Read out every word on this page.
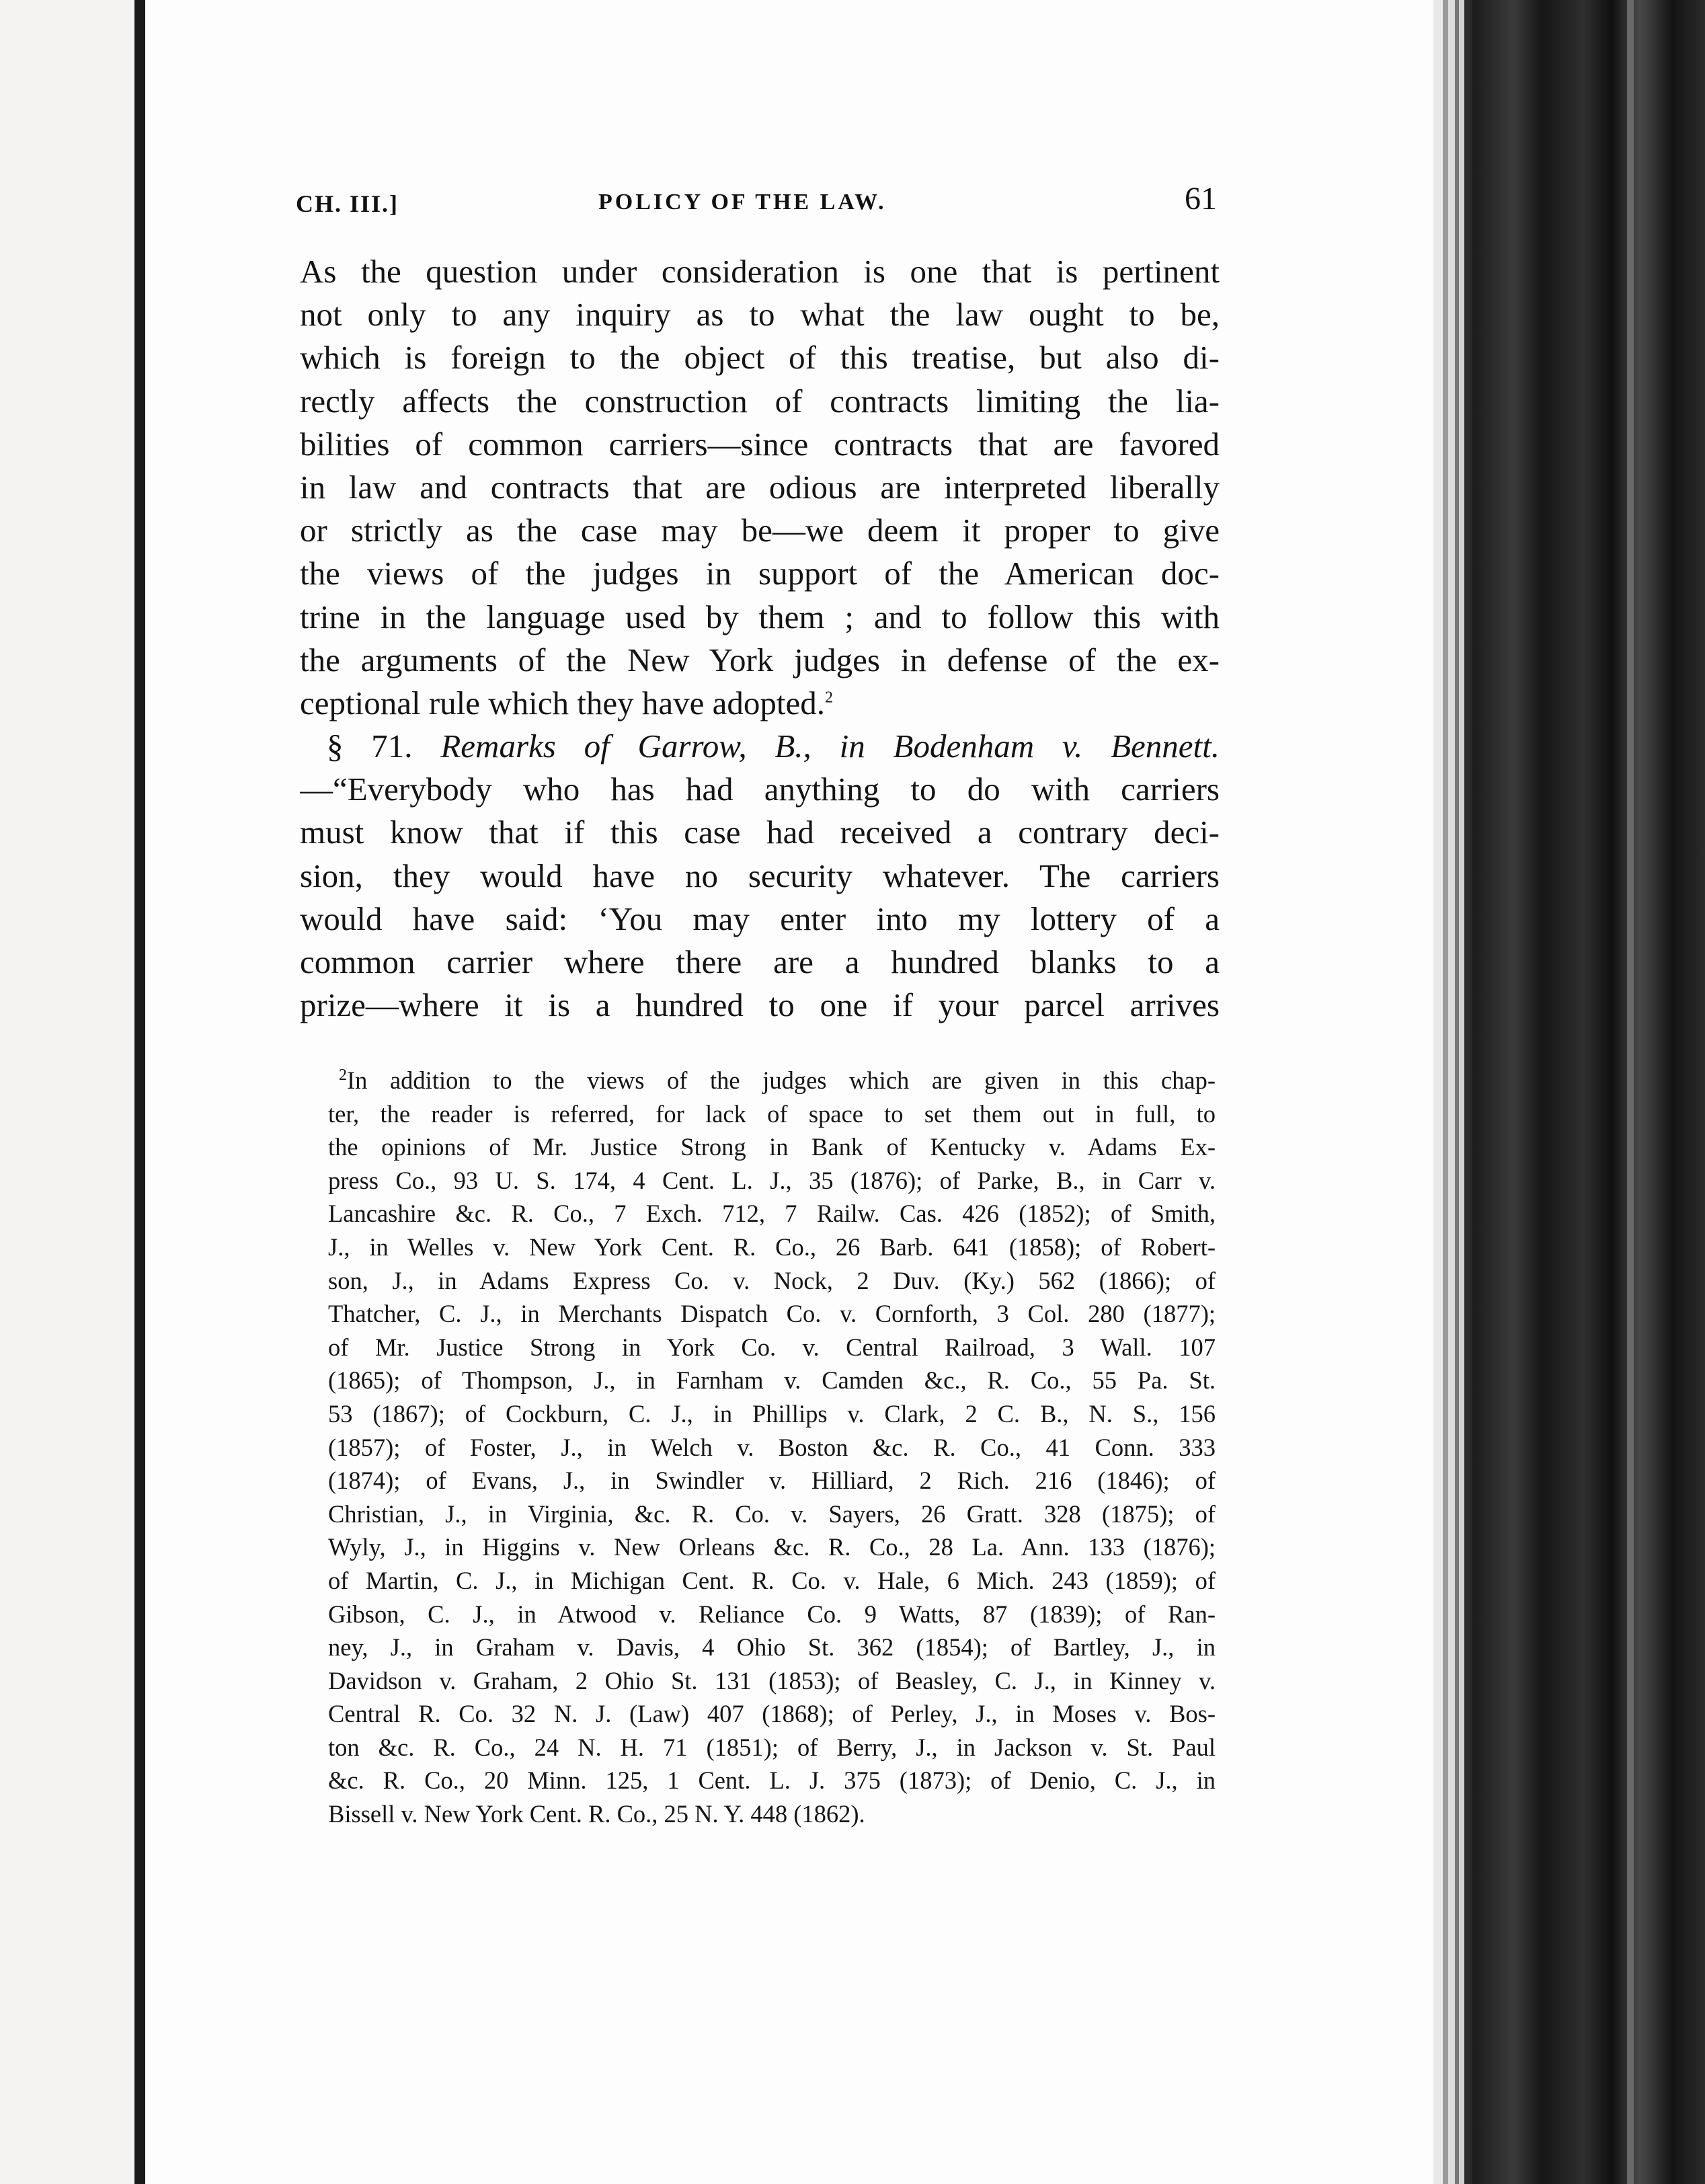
CH. III.]	POLICY OF THE LAW.	61
As the question under consideration is one that is pertinent
not only to any inquiry as to what the law ought to be,
which is foreign to the object of this treatise, but also di-
rectly affects the construction of contracts limiting the lia-
bilities of common carriers—since contracts that are favored
in law and contracts that are odious are interpreted liberally
or strictly as the case may be—we deem it proper to give
the views of the judges in support of the American doc-
trine in the language used by them ; and to follow this with
the arguments of the New York judges in defense of the ex-
ceptional rule which they have adopted.$^2$
§ 71. Remarks of Garrow, B., in Bodenham v. Bennett.
—“Everybody who has had anything to do with carriers
must know that if this case had received a contrary deci-
sion, they would have no security whatever. The carriers
would have said: ‘You may enter into my lottery of a
common carrier where there are a hundred blanks to a
prize—where it is a hundred to one if your parcel arrives
$^2$In addition to the views of the judges which are given in this chap-
ter, the reader is referred, for lack of space to set them out in full, to
the opinions of Mr. Justice Strong in Bank of Kentucky v. Adams Ex-
press Co., 93 U. S. 174, 4 Cent. L. J., 35 (1876); of Parke, B., in Carr v.
Lancashire &c. R. Co., 7 Exch. 712, 7 Railw. Cas. 426 (1852); of Smith,
J., in Welles v. New York Cent. R. Co., 26 Barb. 641 (1858); of Robert-
son, J., in Adams Express Co. v. Nock, 2 Duv. (Ky.) 562 (1866); of
Thatcher, C. J., in Merchants Dispatch Co. v. Cornforth, 3 Col. 280 (1877);
of Mr. Justice Strong in York Co. v. Central Railroad, 3 Wall. 107
(1865); of Thompson, J., in Farnham v. Camden &c., R. Co., 55 Pa. St.
53 (1867); of Cockburn, C. J., in Phillips v. Clark, 2 C. B., N. S., 156
(1857); of Foster, J., in Welch v. Boston &c. R. Co., 41 Conn. 333
(1874); of Evans, J., in Swindler v. Hilliard, 2 Rich. 216 (1846); of
Christian, J., in Virginia, &c. R. Co. v. Sayers, 26 Gratt. 328 (1875); of
Wyly, J., in Higgins v. New Orleans &c. R. Co., 28 La. Ann. 133 (1876);
of Martin, C. J., in Michigan Cent. R. Co. v. Hale, 6 Mich. 243 (1859); of
Gibson, C. J., in Atwood v. Reliance Co. 9 Watts, 87 (1839); of Ran-
ney, J., in Graham v. Davis, 4 Ohio St. 362 (1854); of Bartley, J., in
Davidson v. Graham, 2 Ohio St. 131 (1853); of Beasley, C. J., in Kinney v.
Central R. Co. 32 N. J. (Law) 407 (1868); of Perley, J., in Moses v. Bos-
ton &c. R. Co., 24 N. H. 71 (1851); of Berry, J., in Jackson v. St. Paul
&c. R. Co., 20 Minn. 125, 1 Cent. L. J. 375 (1873); of Denio, C. J., in
Bissell v. New York Cent. R. Co., 25 N. Y. 448 (1862).
